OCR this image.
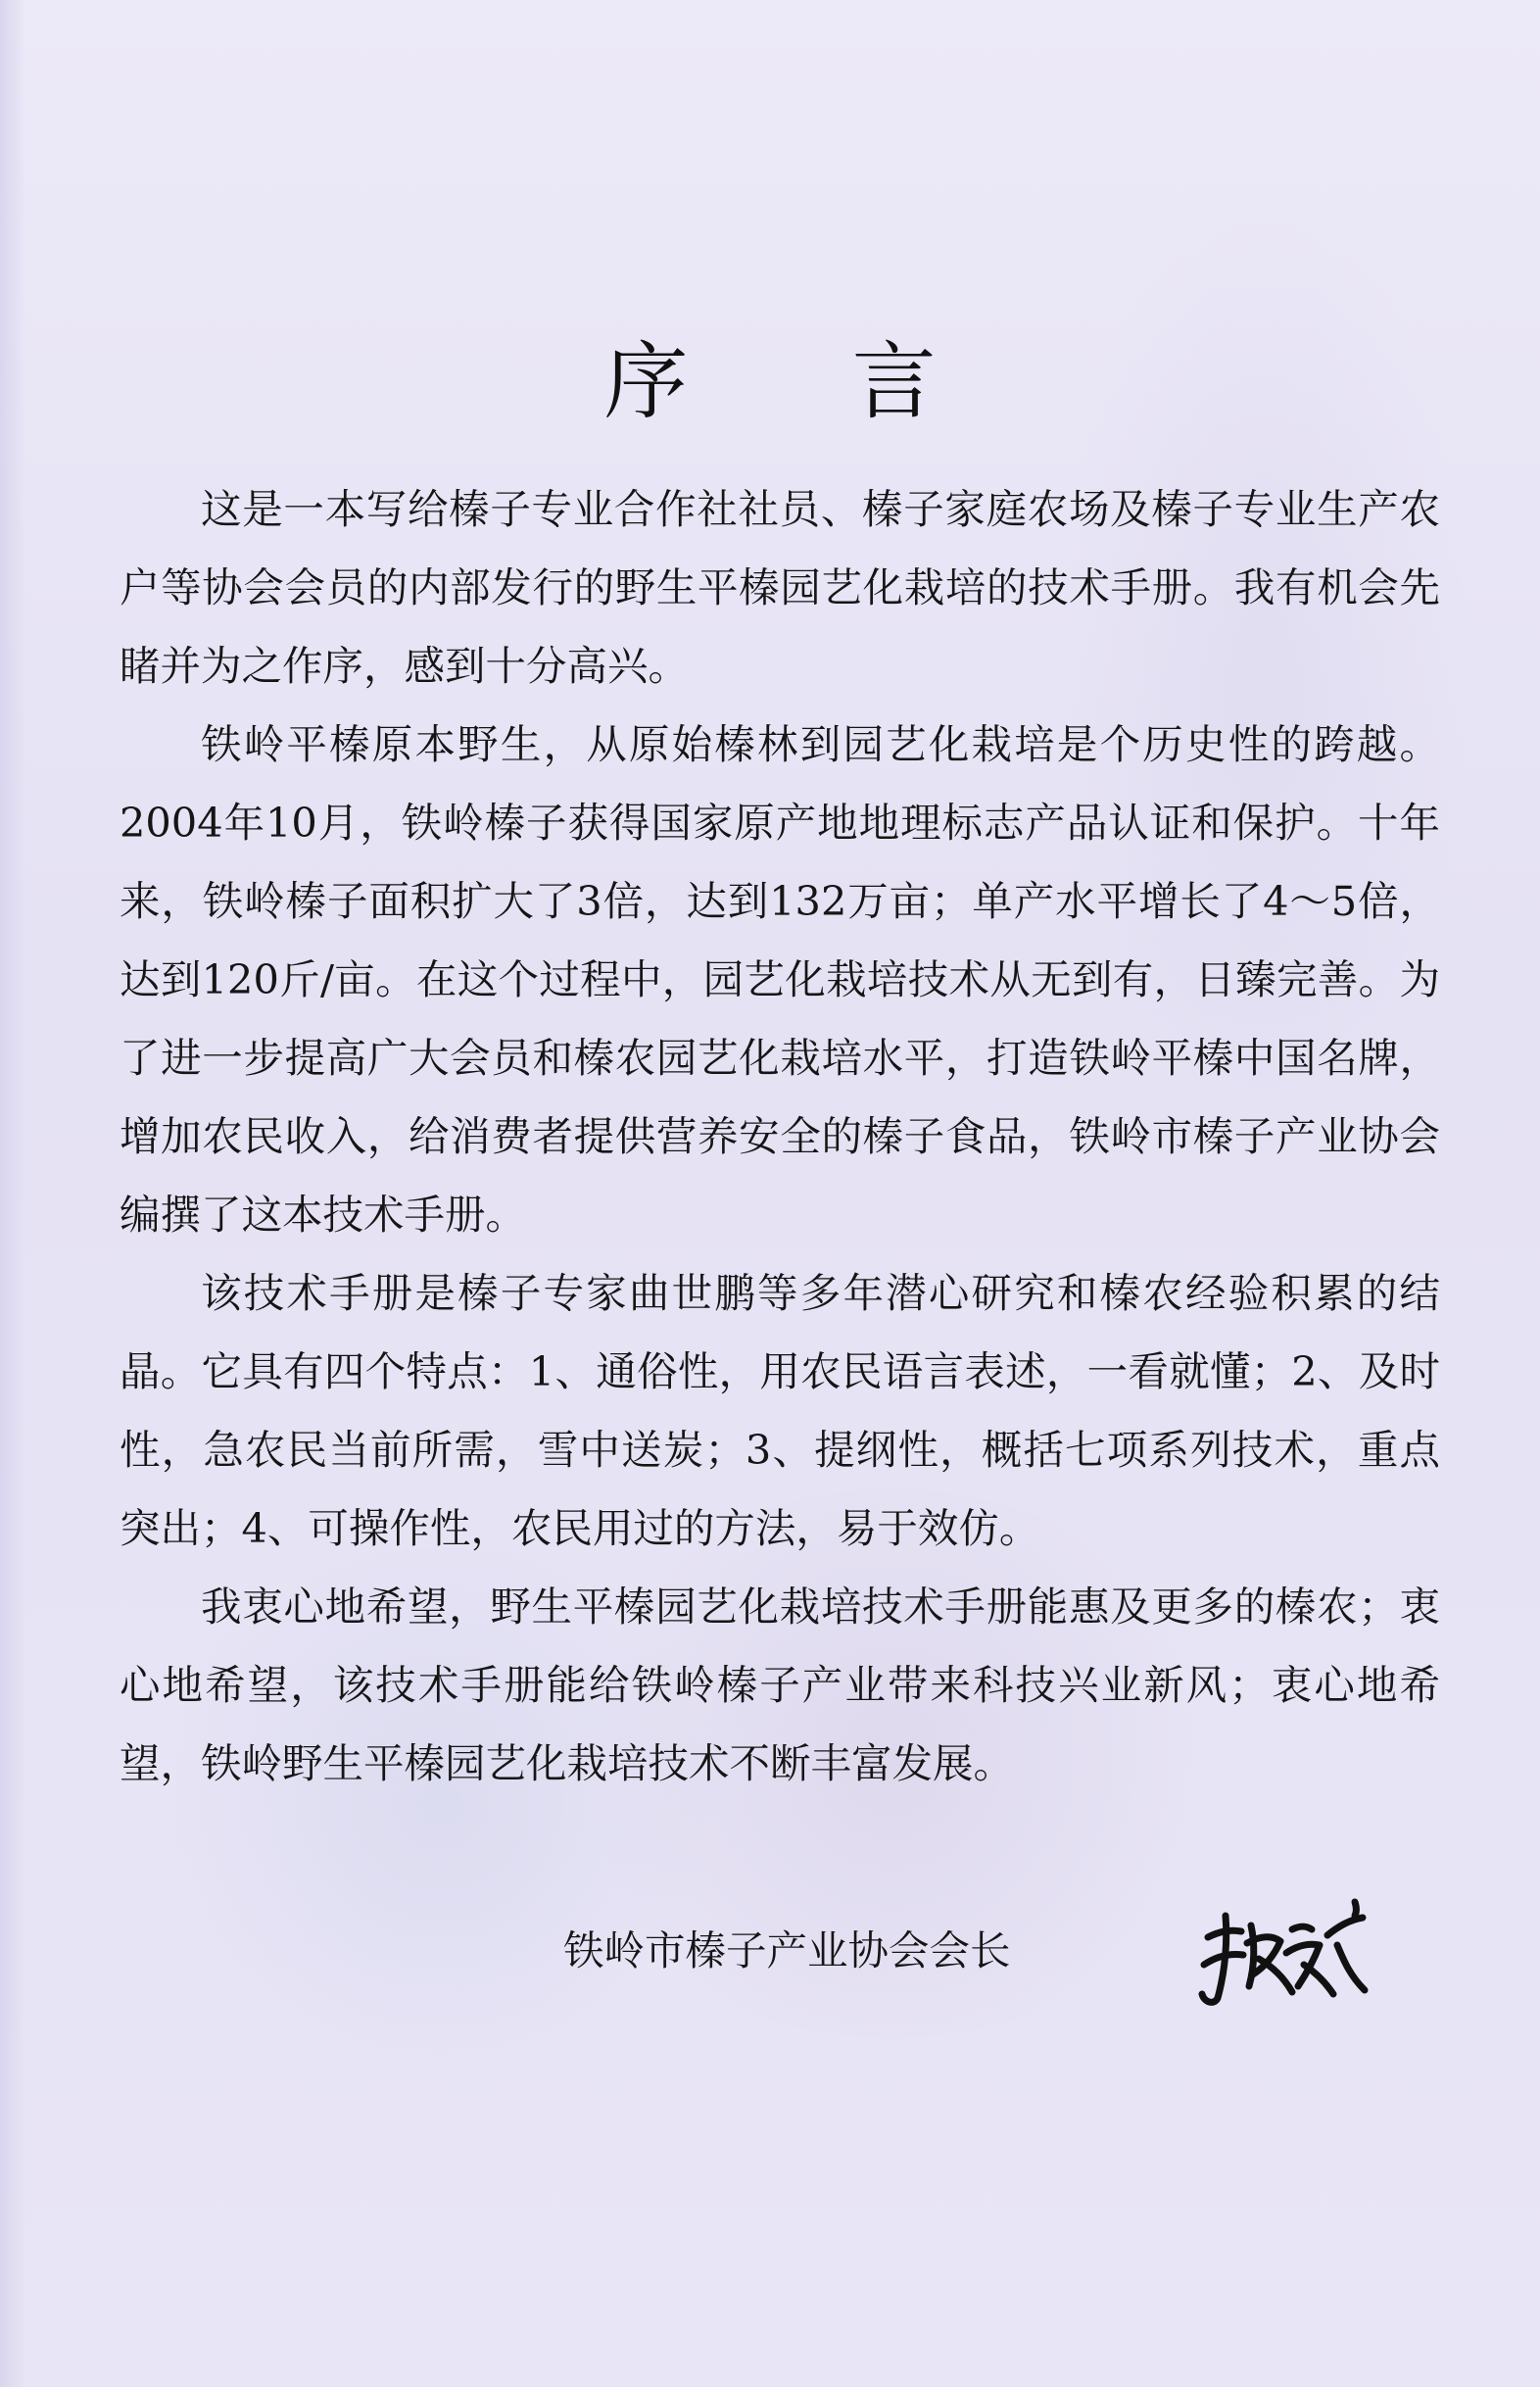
序 言

这是一本写给榛子专业合作社社员、榛子家庭农场及榛子专业生产农户等协会会员的内部发行的野生平榛园艺化栽培的技术手册。我有机会先睹并为之作序，感到十分高兴。

铁岭平榛原本野生，从原始榛林到园艺化栽培是个历史性的跨越。2004年10月，铁岭榛子获得国家原产地地理标志产品认证和保护。十年来，铁岭榛子面积扩大了3倍，达到132万亩；单产水平增长了4～5倍，达到120斤/亩。在这个过程中，园艺化栽培技术从无到有，日臻完善。为了进一步提高广大会员和榛农园艺化栽培水平，打造铁岭平榛中国名牌，增加农民收入，给消费者提供营养安全的榛子食品，铁岭市榛子产业协会编撰了这本技术手册。

该技术手册是榛子专家曲世鹏等多年潜心研究和榛农经验积累的结晶。它具有四个特点：1、通俗性，用农民语言表述，一看就懂；2、及时性，急农民当前所需，雪中送炭；3、提纲性，概括七项系列技术，重点突出；4、可操作性，农民用过的方法，易于效仿。

我衷心地希望，野生平榛园艺化栽培技术手册能惠及更多的榛农；衷心地希望，该技术手册能给铁岭榛子产业带来科技兴业新风；衷心地希望，铁岭野生平榛园艺化栽培技术不断丰富发展。

铁岭市榛子产业协会会长
